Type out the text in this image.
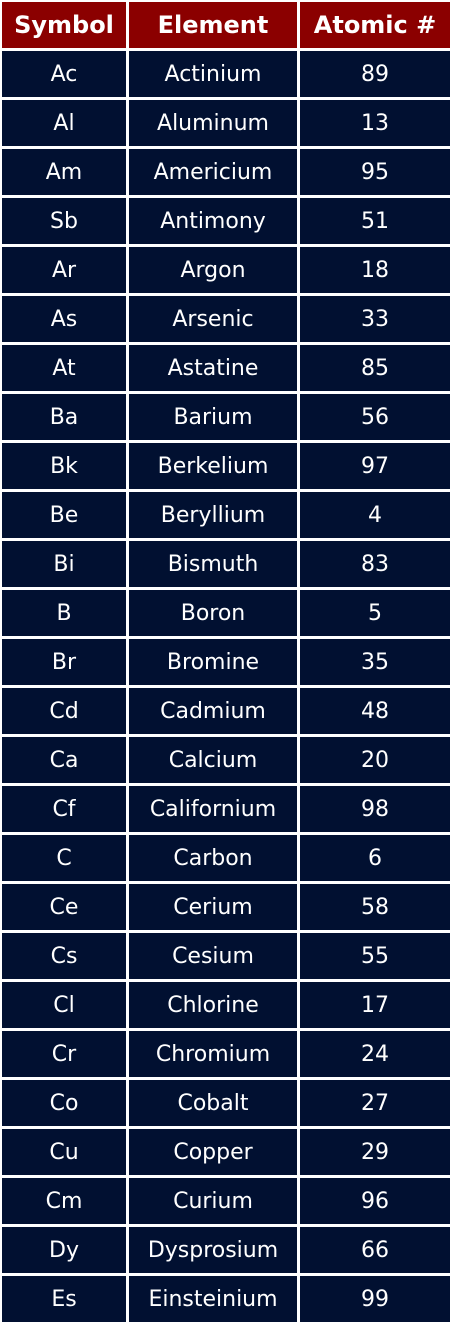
Symbol	Element	Atomic #
Ac	Actinium	89
Al	Aluminum	13
Am	Americium	95
Sb	Antimony	51
Ar	Argon	18
As	Arsenic	33
At	Astatine	85
Ba	Barium	56
Bk	Berkelium	97
Be	Beryllium	4
Bi	Bismuth	83
B	Boron	5
Br	Bromine	35
Cd	Cadmium	48
Ca	Calcium	20
Cf	Californium	98
C	Carbon	6
Ce	Cerium	58
Cs	Cesium	55
Cl	Chlorine	17
Cr	Chromium	24
Co	Cobalt	27
Cu	Copper	29
Cm	Curium	96
Dy	Dysprosium	66
Es	Einsteinium	99
